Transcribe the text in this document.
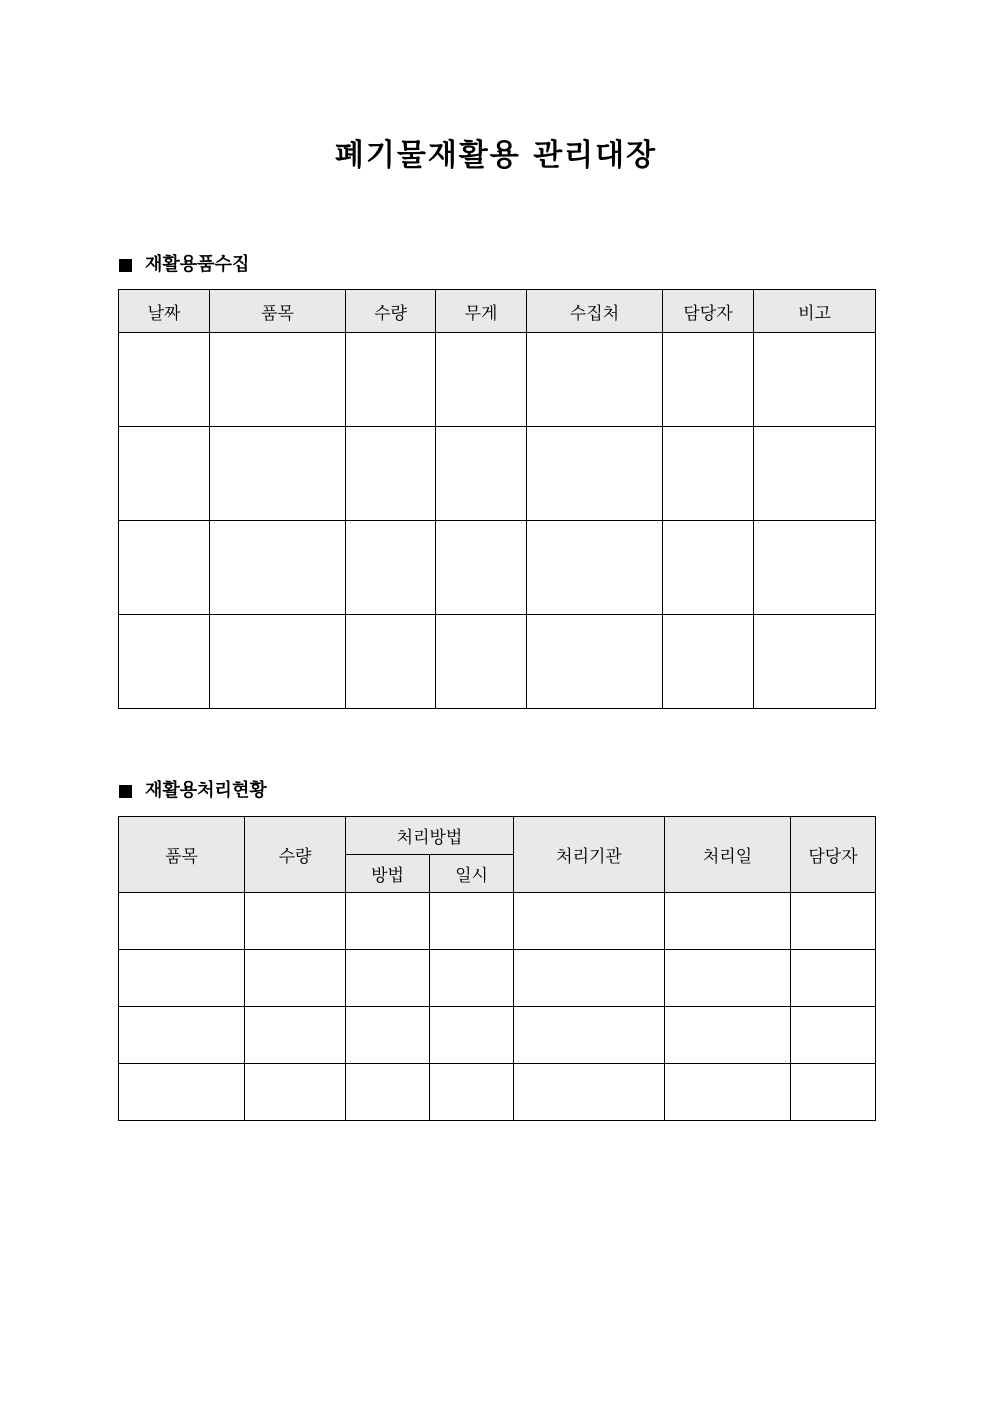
폐기물재활용 관리대장
재활용품수집
날짜	품목	수량	무게	수집처	담당자	비고

재활용처리현황
품목	수량	처리방법		처리기관	처리일	담당자
		방법	일시			
